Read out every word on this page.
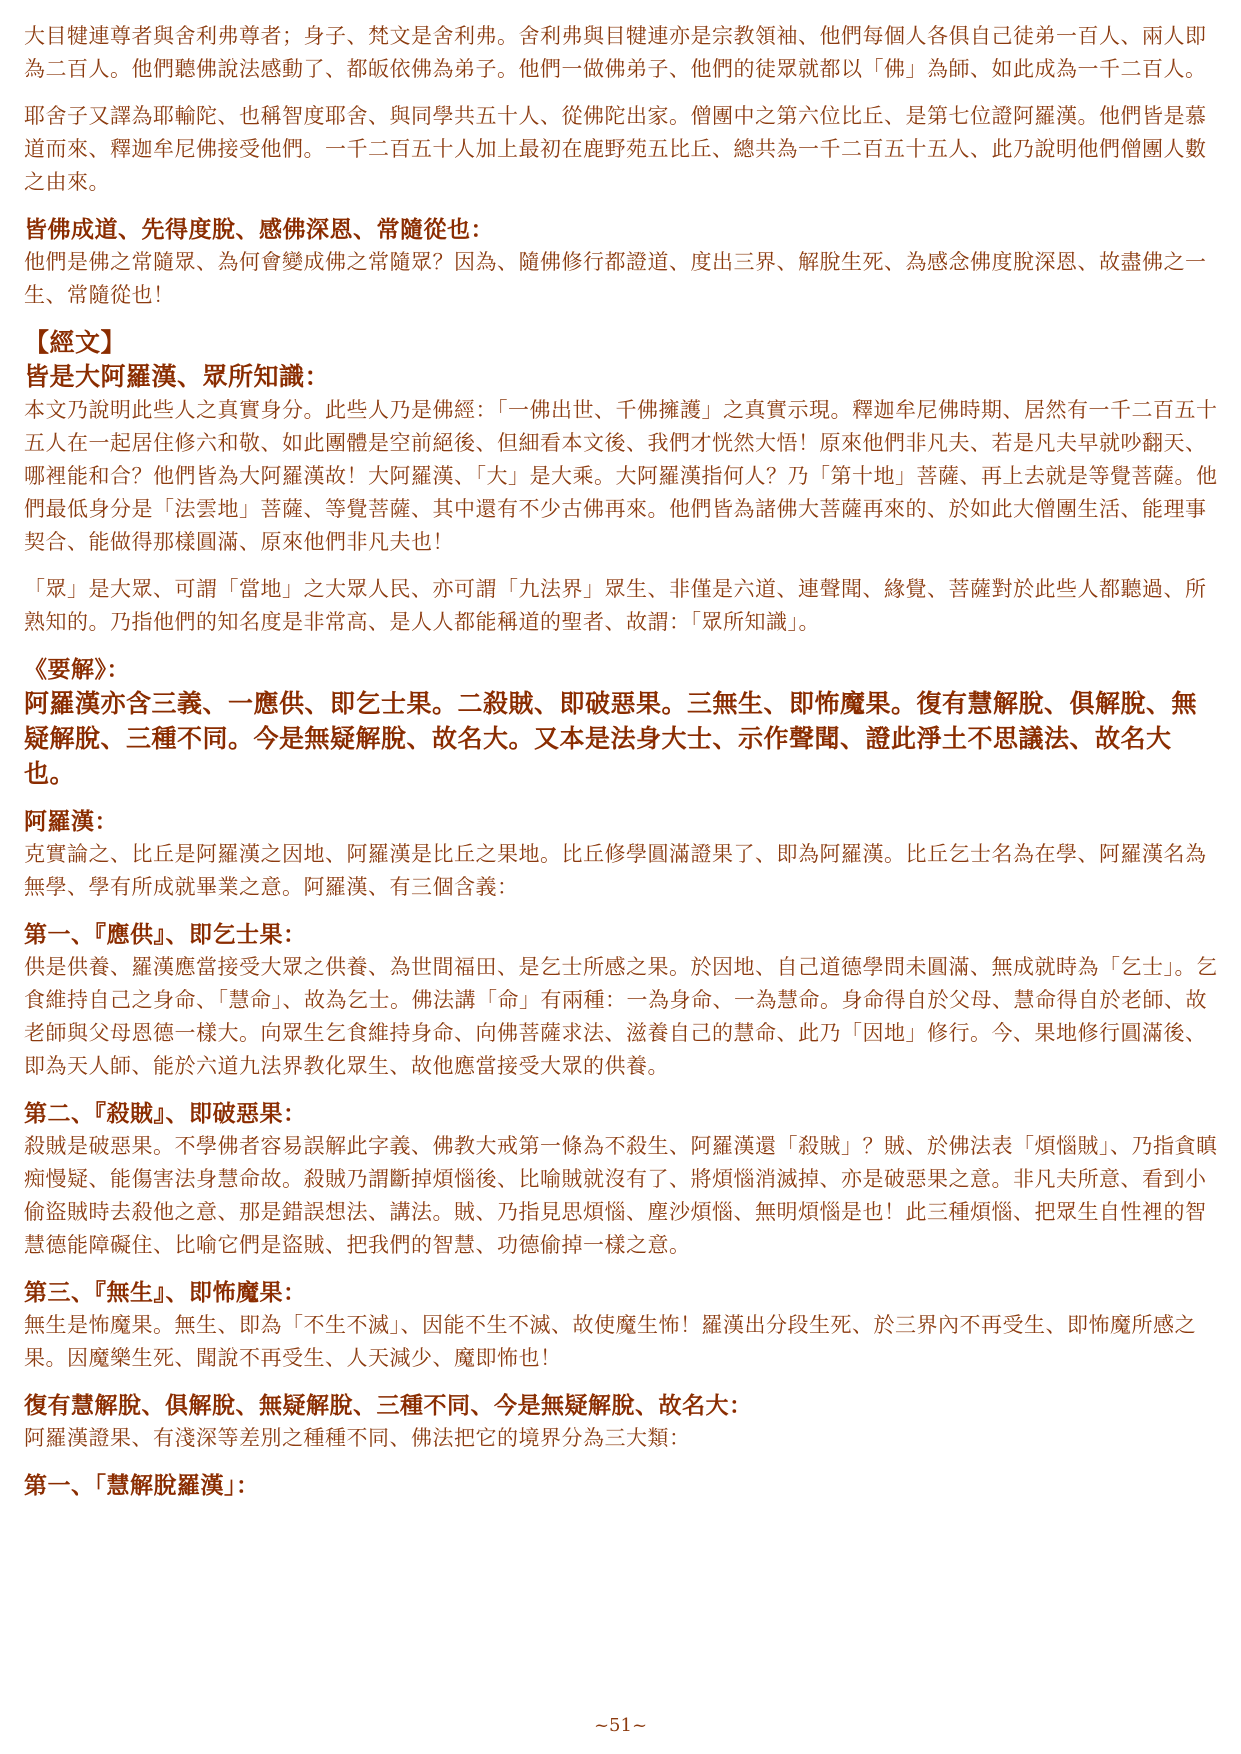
大目犍連尊者與舍利弗尊者；身子、梵文是舍利弗。舍利弗與目犍連亦是宗教領袖、他們每個人各俱自己徒弟一百人、兩人即為二百人。他們聽佛說法感動了、都皈依佛為弟子。他們一做佛弟子、他們的徒眾就都以「佛」為師、如此成為一千二百人。

耶舍子又譯為耶輸陀、也稱智度耶舍、與同學共五十人、從佛陀出家。僧團中之第六位比丘、是第七位證阿羅漢。他們皆是慕道而來、釋迦牟尼佛接受他們。一千二百五十人加上最初在鹿野苑五比丘、總共為一千二百五十五人、此乃說明他們僧團人數之由來。

皆佛成道、先得度脫、感佛深恩、常隨從也：

他們是佛之常隨眾、為何會變成佛之常隨眾？因為、隨佛修行都證道、度出三界、解脫生死、為感念佛度脫深恩、故盡佛之一生、常隨從也！

【經文】

皆是大阿羅漢、眾所知識：

本文乃說明此些人之真實身分。此些人乃是佛經：「一佛出世、千佛擁護」之真實示現。釋迦牟尼佛時期、居然有一千二百五十五人在一起居住修六和敬、如此團體是空前絕後、但細看本文後、我們才恍然大悟！原來他們非凡夫、若是凡夫早就吵翻天、哪裡能和合？他們皆為大阿羅漢故！大阿羅漢、「大」是大乘。大阿羅漢指何人？乃「第十地」菩薩、再上去就是等覺菩薩。他們最低身分是「法雲地」菩薩、等覺菩薩、其中還有不少古佛再來。他們皆為諸佛大菩薩再來的、於如此大僧團生活、能理事契合、能做得那樣圓滿、原來他們非凡夫也！

「眾」是大眾、可謂「當地」之大眾人民、亦可謂「九法界」眾生、非僅是六道、連聲聞、緣覺、菩薩對於此些人都聽過、所熟知的。乃指他們的知名度是非常高、是人人都能稱道的聖者、故謂：「眾所知識」。

《要解》：

阿羅漢亦含三義、一應供、即乞士果。二殺賊、即破惡果。三無生、即怖魔果。復有慧解脫、俱解脫、無疑解脫、三種不同。今是無疑解脫、故名大。又本是法身大士、示作聲聞、證此淨土不思議法、故名大也。

阿羅漢：

克實論之、比丘是阿羅漢之因地、阿羅漢是比丘之果地。比丘修學圓滿證果了、即為阿羅漢。比丘乞士名為在學、阿羅漢名為無學、學有所成就畢業之意。阿羅漢、有三個含義：

第一、『應供』、即乞士果：

供是供養、羅漢應當接受大眾之供養、為世間福田、是乞士所感之果。於因地、自己道德學問未圓滿、無成就時為「乞士」。乞食維持自己之身命、「慧命」、故為乞士。佛法講「命」有兩種：一為身命、一為慧命。身命得自於父母、慧命得自於老師、故老師與父母恩德一樣大。向眾生乞食維持身命、向佛菩薩求法、滋養自己的慧命、此乃「因地」修行。今、果地修行圓滿後、即為天人師、能於六道九法界教化眾生、故他應當接受大眾的供養。

第二、『殺賊』、即破惡果：

殺賊是破惡果。不學佛者容易誤解此字義、佛教大戒第一條為不殺生、阿羅漢還「殺賊」？賊、於佛法表「煩惱賊」、乃指貪瞋痴慢疑、能傷害法身慧命故。殺賊乃謂斷掉煩惱後、比喻賊就沒有了、將煩惱消滅掉、亦是破惡果之意。非凡夫所意、看到小偷盜賊時去殺他之意、那是錯誤想法、講法。賊、乃指見思煩惱、塵沙煩惱、無明煩惱是也！此三種煩惱、把眾生自性裡的智慧德能障礙住、比喻它們是盜賊、把我們的智慧、功德偷掉一樣之意。

第三、『無生』、即怖魔果：

無生是怖魔果。無生、即為「不生不滅」、因能不生不滅、故使魔生怖！羅漢出分段生死、於三界內不再受生、即怖魔所感之果。因魔樂生死、聞說不再受生、人天減少、魔即怖也！

復有慧解脫、俱解脫、無疑解脫、三種不同、今是無疑解脫、故名大：

阿羅漢證果、有淺深等差別之種種不同、佛法把它的境界分為三大類：

第一、「慧解脫羅漢」：

~51~
